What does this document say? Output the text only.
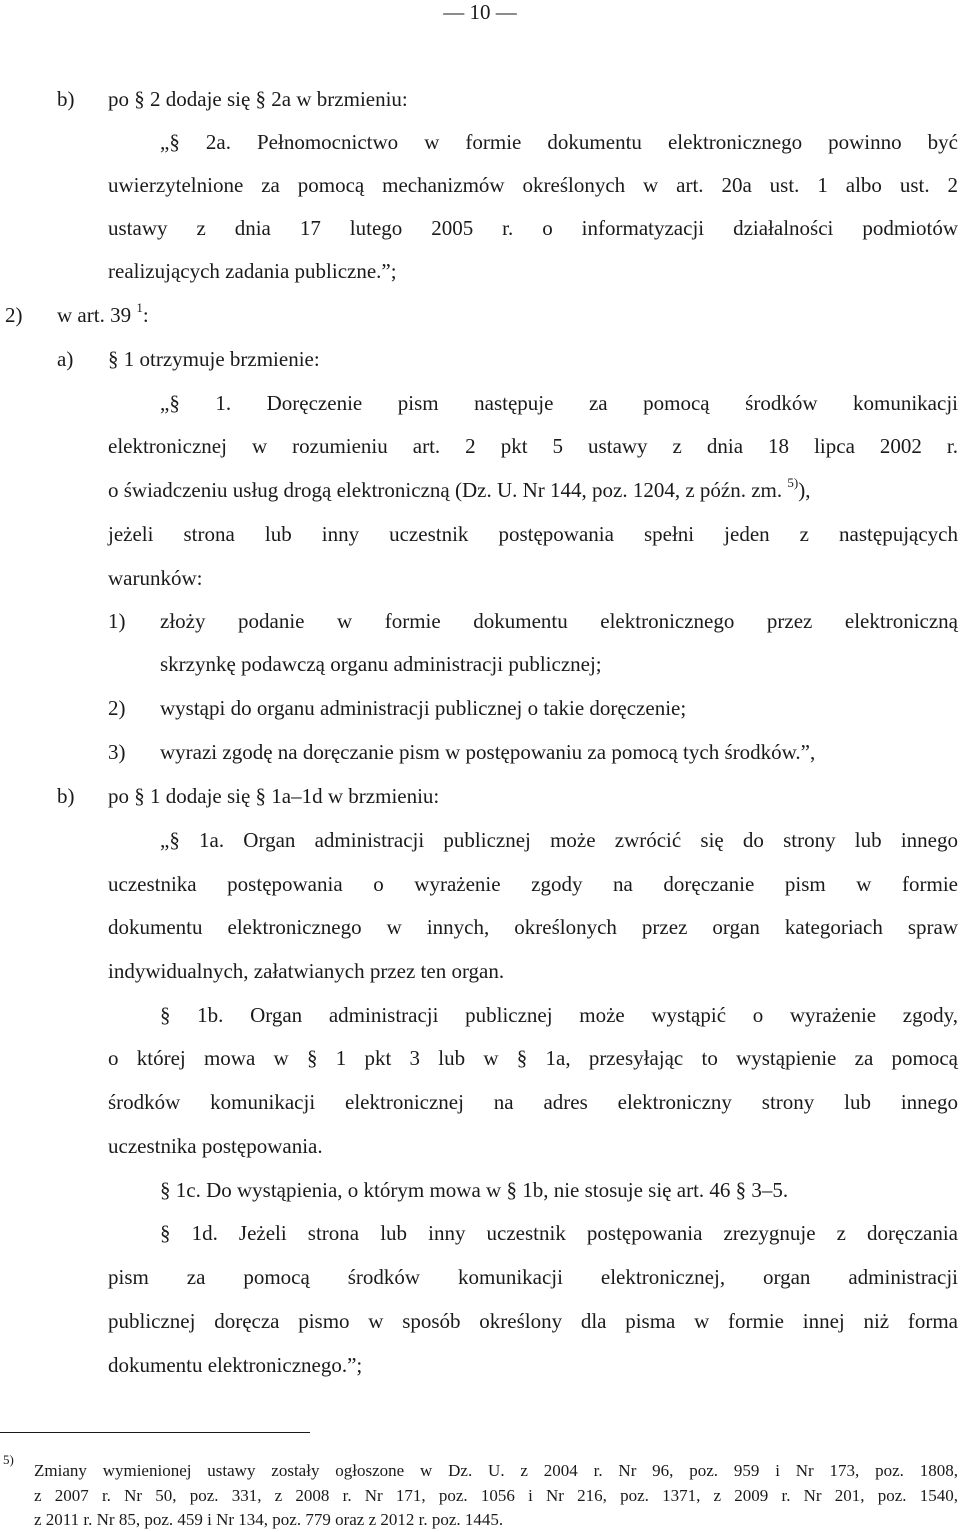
— 10 —
b) po § 2 dodaje się § 2a w brzmieniu:
„§ 2a. Pełnomocnictwo w formie dokumentu elektronicznego powinno być
uwierzytelnione za pomocą mechanizmów określonych w art. 20a ust. 1 albo ust. 2
ustawy z dnia 17 lutego 2005 r. o informatyzacji działalności podmiotów
realizujących zadania publiczne.”;
2) w art. 39 $^1$:
a) § 1 otrzymuje brzmienie:
„§ 1. Doręczenie pism następuje za pomocą środków komunikacji
elektronicznej w rozumieniu art. 2 pkt 5 ustawy z dnia 18 lipca 2002 r.
o świadczeniu usług drogą elektroniczną (Dz. U. Nr 144, poz. 1204, z późn. zm. $^{5)}$),
jeżeli strona lub inny uczestnik postępowania spełni jeden z następujących
warunków:
1) złoży podanie w formie dokumentu elektronicznego przez elektroniczną
skrzynkę podawczą organu administracji publicznej;
2) wystąpi do organu administracji publicznej o takie doręczenie;
3) wyrazi zgodę na doręczanie pism w postępowaniu za pomocą tych środków.”,
b) po § 1 dodaje się § 1a–1d w brzmieniu:
„§ 1a. Organ administracji publicznej może zwrócić się do strony lub innego
uczestnika postępowania o wyrażenie zgody na doręczanie pism w formie
dokumentu elektronicznego w innych, określonych przez organ kategoriach spraw
indywidualnych, załatwianych przez ten organ.
§ 1b. Organ administracji publicznej może wystąpić o wyrażenie zgody,
o której mowa w § 1 pkt 3 lub w § 1a, przesyłając to wystąpienie za pomocą
środków komunikacji elektronicznej na adres elektroniczny strony lub innego
uczestnika postępowania.
§ 1c. Do wystąpienia, o którym mowa w § 1b, nie stosuje się art. 46 § 3–5.
§ 1d. Jeżeli strona lub inny uczestnik postępowania zrezygnuje z doręczania
pism za pomocą środków komunikacji elektronicznej, organ administracji
publicznej doręcza pismo w sposób określony dla pisma w formie innej niż forma
dokumentu elektronicznego.”;
5)
Zmiany wymienionej ustawy zostały ogłoszone w Dz. U. z 2004 r. Nr 96, poz. 959 i Nr 173, poz. 1808,
z 2007 r. Nr 50, poz. 331, z 2008 r. Nr 171, poz. 1056 i Nr 216, poz. 1371, z 2009 r. Nr 201, poz. 1540,
z 2011 r. Nr 85, poz. 459 i Nr 134, poz. 779 oraz z 2012 r. poz. 1445.
